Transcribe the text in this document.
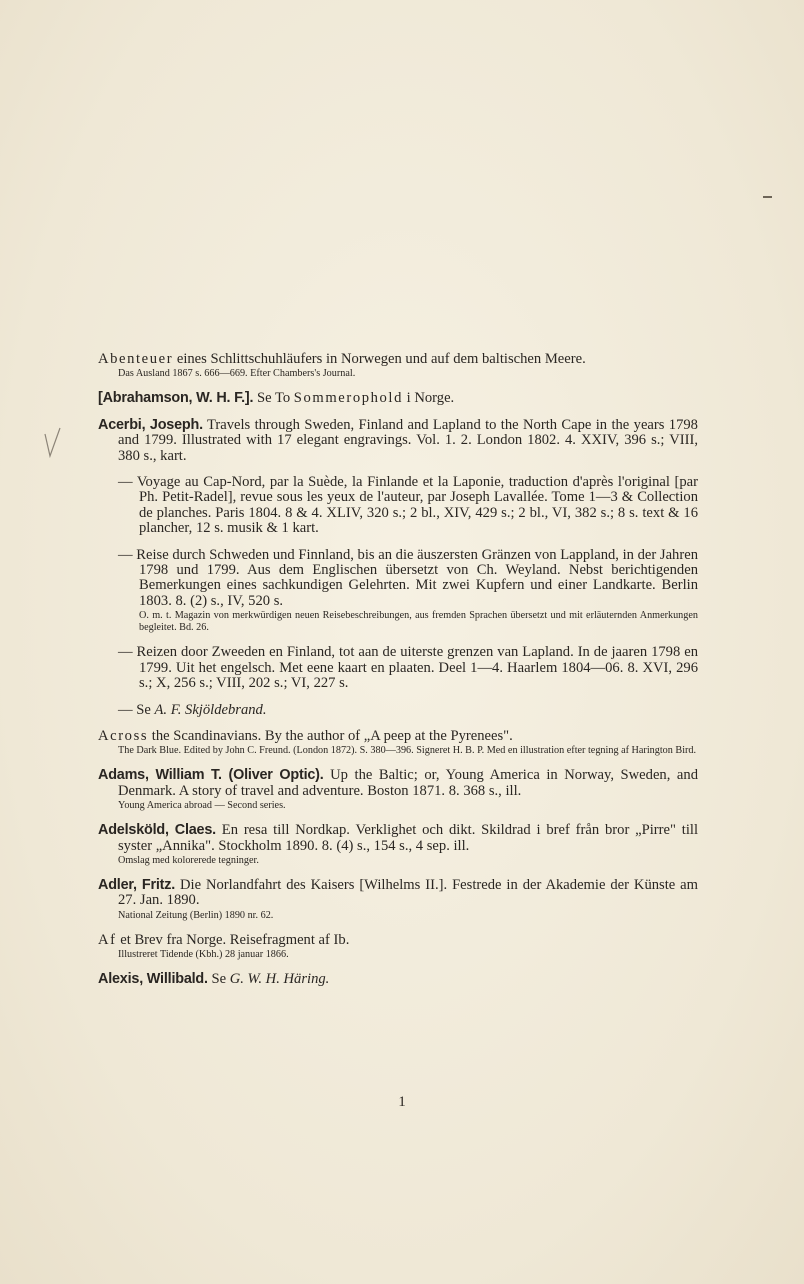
Abenteuer eines Schlittschuhläufers in Norwegen und auf dem baltischen Meere.
Das Ausland 1867 s. 666—669. Efter Chambers's Journal.

[Abrahamson, W. H. F.]. Se To Sommerophold i Norge.

Acerbi, Joseph. Travels through Sweden, Finland and Lapland to the North Cape in the years 1798 and 1799. Illustrated with 17 elegant engravings. Vol. 1. 2. London 1802. 4. XXIV, 396 s.; VIII, 380 s., kart.

— Voyage au Cap-Nord, par la Suède, la Finlande et la Laponie, traduction d'après l'original [par Ph. Petit-Radel], revue sous les yeux de l'auteur, par Joseph Lavallée. Tome 1—3 & Collection de planches. Paris 1804. 8 & 4. XLIV, 320 s.; 2 bl., XIV, 429 s.; 2 bl., VI, 382 s.; 8 s. text & 16 plancher, 12 s. musik & 1 kart.

— Reise durch Schweden und Finnland, bis an die äuszersten Gränzen von Lappland, in der Jahren 1798 und 1799. Aus dem Englischen übersetzt von Ch. Weyland. Nebst berichtigenden Bemerkungen eines sachkundigen Gelehrten. Mit zwei Kupfern und einer Landkarte. Berlin 1803. 8. (2) s., IV, 520 s.
O. m. t. Magazin von merkwürdigen neuen Reisebeschreibungen, aus fremden Sprachen übersetzt und mit erläuternden Anmerkungen begleitet. Bd. 26.

— Reizen door Zweeden en Finland, tot aan de uiterste grenzen van Lapland. In de jaaren 1798 en 1799. Uit het engelsch. Met eene kaart en plaaten. Deel 1—4. Haarlem 1804—06. 8. XVI, 296 s.; X, 256 s.; VIII, 202 s.; VI, 227 s.

— Se A. F. Skjöldebrand.

Across the Scandinavians. By the author of „A peep at the Pyrenees".
The Dark Blue. Edited by John C. Freund. (London 1872). S. 380—396. Signeret H. B. P. Med en illustration efter tegning af Harington Bird.

Adams, William T. (Oliver Optic). Up the Baltic; or, Young America in Norway, Sweden, and Denmark. A story of travel and adventure. Boston 1871. 8. 368 s., ill.
Young America abroad — Second series.

Adelsköld, Claes. En resa till Nordkap. Verklighet och dikt. Skildrad i bref från bror „Pirre" till syster „Annika". Stockholm 1890. 8. (4) s., 154 s., 4 sep. ill.
Omslag med kolorerede tegninger.

Adler, Fritz. Die Norlandfahrt des Kaisers [Wilhelms II.]. Festrede in der Akademie der Künste am 27. Jan. 1890.
National Zeitung (Berlin) 1890 nr. 62.

Af et Brev fra Norge. Reisefragment af Ib.
Illustreret Tidende (Kbh.) 28 januar 1866.

Alexis, Willibald. Se G. W. H. Häring.

1
